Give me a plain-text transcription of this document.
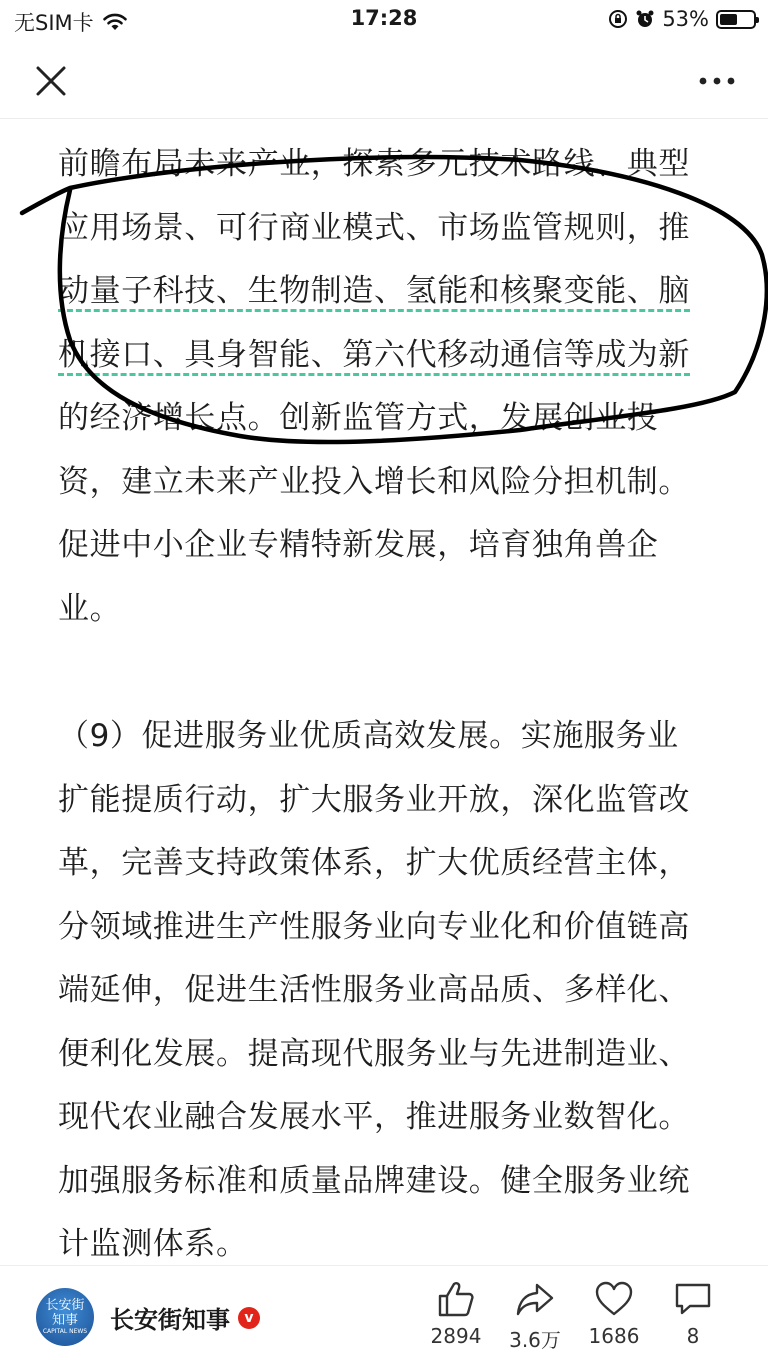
无SIM卡	17:28	53%
前瞻布局未来产业，探索多元技术路线、典型
应用场景、可行商业模式、市场监管规则，推
动量子科技、生物制造、氢能和核聚变能、脑
机接口、具身智能、第六代移动通信等成为新
的经济增长点。创新监管方式，发展创业投
资，建立未来产业投入增长和风险分担机制。
促进中小企业专精特新发展，培育独角兽企
业。
（9）促进服务业优质高效发展。实施服务业
扩能提质行动，扩大服务业开放，深化监管改
革，完善支持政策体系，扩大优质经营主体，
分领域推进生产性服务业向专业化和价值链高
端延伸，促进生活性服务业高品质、多样化、
便利化发展。提高现代服务业与先进制造业、
现代农业融合发展水平，推进服务业数智化。
加强服务标准和质量品牌建设。健全服务业统
计监测体系。
长安街
知事
CAPITAL NEWS 长安街知事	v
2894	3.6万	1686	8
